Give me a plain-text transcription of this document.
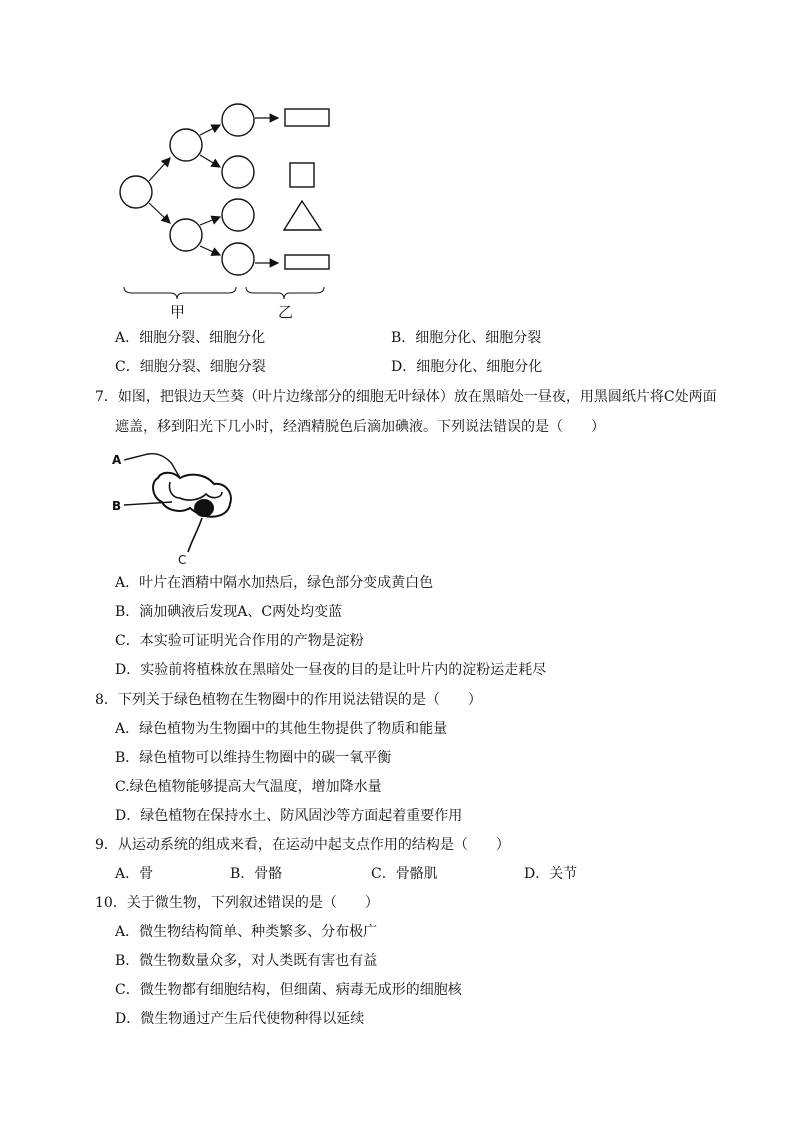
甲	乙
A．细胞分裂、细胞分化	B．细胞分化、细胞分裂
C．细胞分裂、细胞分裂	D．细胞分化、细胞分化
7．如图，把银边天竺葵（叶片边缘部分的细胞无叶绿体）放在黑暗处一昼夜，用黑圆纸片将C处两面
遮盖，移到阳光下几小时，经酒精脱色后滴加碘液。下列说法错误的是（　　）
A
B
C
A．叶片在酒精中隔水加热后，绿色部分变成黄白色
B．滴加碘液后发现A、C两处均变蓝
C．本实验可证明光合作用的产物是淀粉
D．实验前将植株放在黑暗处一昼夜的目的是让叶片内的淀粉运走耗尽
8．下列关于绿色植物在生物圈中的作用说法错误的是（　　）
A．绿色植物为生物圈中的其他生物提供了物质和能量
B．绿色植物可以维持生物圈中的碳一氧平衡
C.绿色植物能够提高大气温度，增加降水量
D．绿色植物在保持水土、防风固沙等方面起着重要作用
9．从运动系统的组成来看，在运动中起支点作用的结构是（　　）
A．骨	B．骨骼	C．骨骼肌	D．关节
10．关于微生物，下列叙述错误的是（　　）
A．微生物结构简单、种类繁多、分布极广
B．微生物数量众多，对人类既有害也有益
C．微生物都有细胞结构，但细菌、病毒无成形的细胞核
D．微生物通过产生后代使物种得以延续
